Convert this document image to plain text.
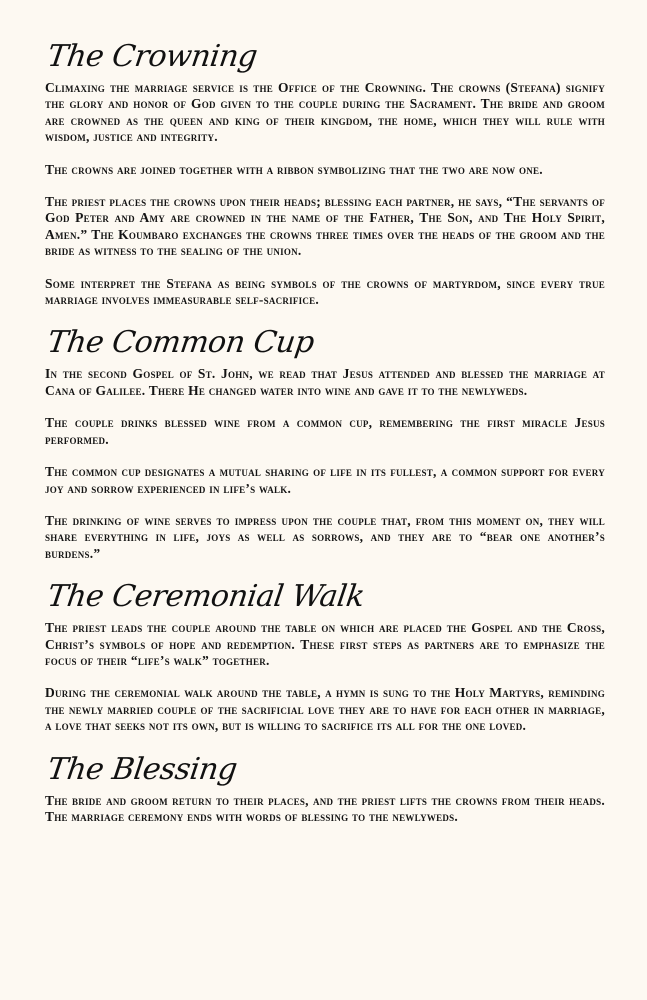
The Crowning

Climaxing the marriage service is the Office of the Crowning. The crowns (Stefana) signify the glory and honor of God given to the couple during the Sacrament. The bride and groom are crowned as the queen and king of their kingdom, the home, which they will rule with wisdom, justice and integrity.

The crowns are joined together with a ribbon symbolizing that the two are now one.

The priest places the crowns upon their heads; blessing each partner, he says, “The servants of God Peter and Amy are crowned in the name of the Father, The Son, and The Holy Spirit, Amen.” The Koumbaro exchanges the crowns three times over the heads of the groom and the bride as witness to the sealing of the union.

Some interpret the Stefana as being symbols of the crowns of martyrdom, since every true marriage involves immeasurable self-sacrifice.

The Common Cup

In the second Gospel of St. John, we read that Jesus attended and blessed the marriage at Cana of Galilee. There He changed water into wine and gave it to the newlyweds.

The couple drinks blessed wine from a common cup, remembering the first miracle Jesus performed.

The common cup designates a mutual sharing of life in its fullest, a common support for every joy and sorrow experienced in life’s walk.

The drinking of wine serves to impress upon the couple that, from this moment on, they will share everything in life, joys as well as sorrows, and they are to “bear one another’s burdens.”

The Ceremonial Walk

The priest leads the couple around the table on which are placed the Gospel and the Cross, Christ’s symbols of hope and redemption. These first steps as partners are to emphasize the focus of their “life’s walk” together.

During the ceremonial walk around the table, a hymn is sung to the Holy Martyrs, reminding the newly married couple of the sacrificial love they are to have for each other in marriage, a love that seeks not its own, but is willing to sacrifice its all for the one loved.

The Blessing

The bride and groom return to their places, and the priest lifts the crowns from their heads. The marriage ceremony ends with words of blessing to the newlyweds.
